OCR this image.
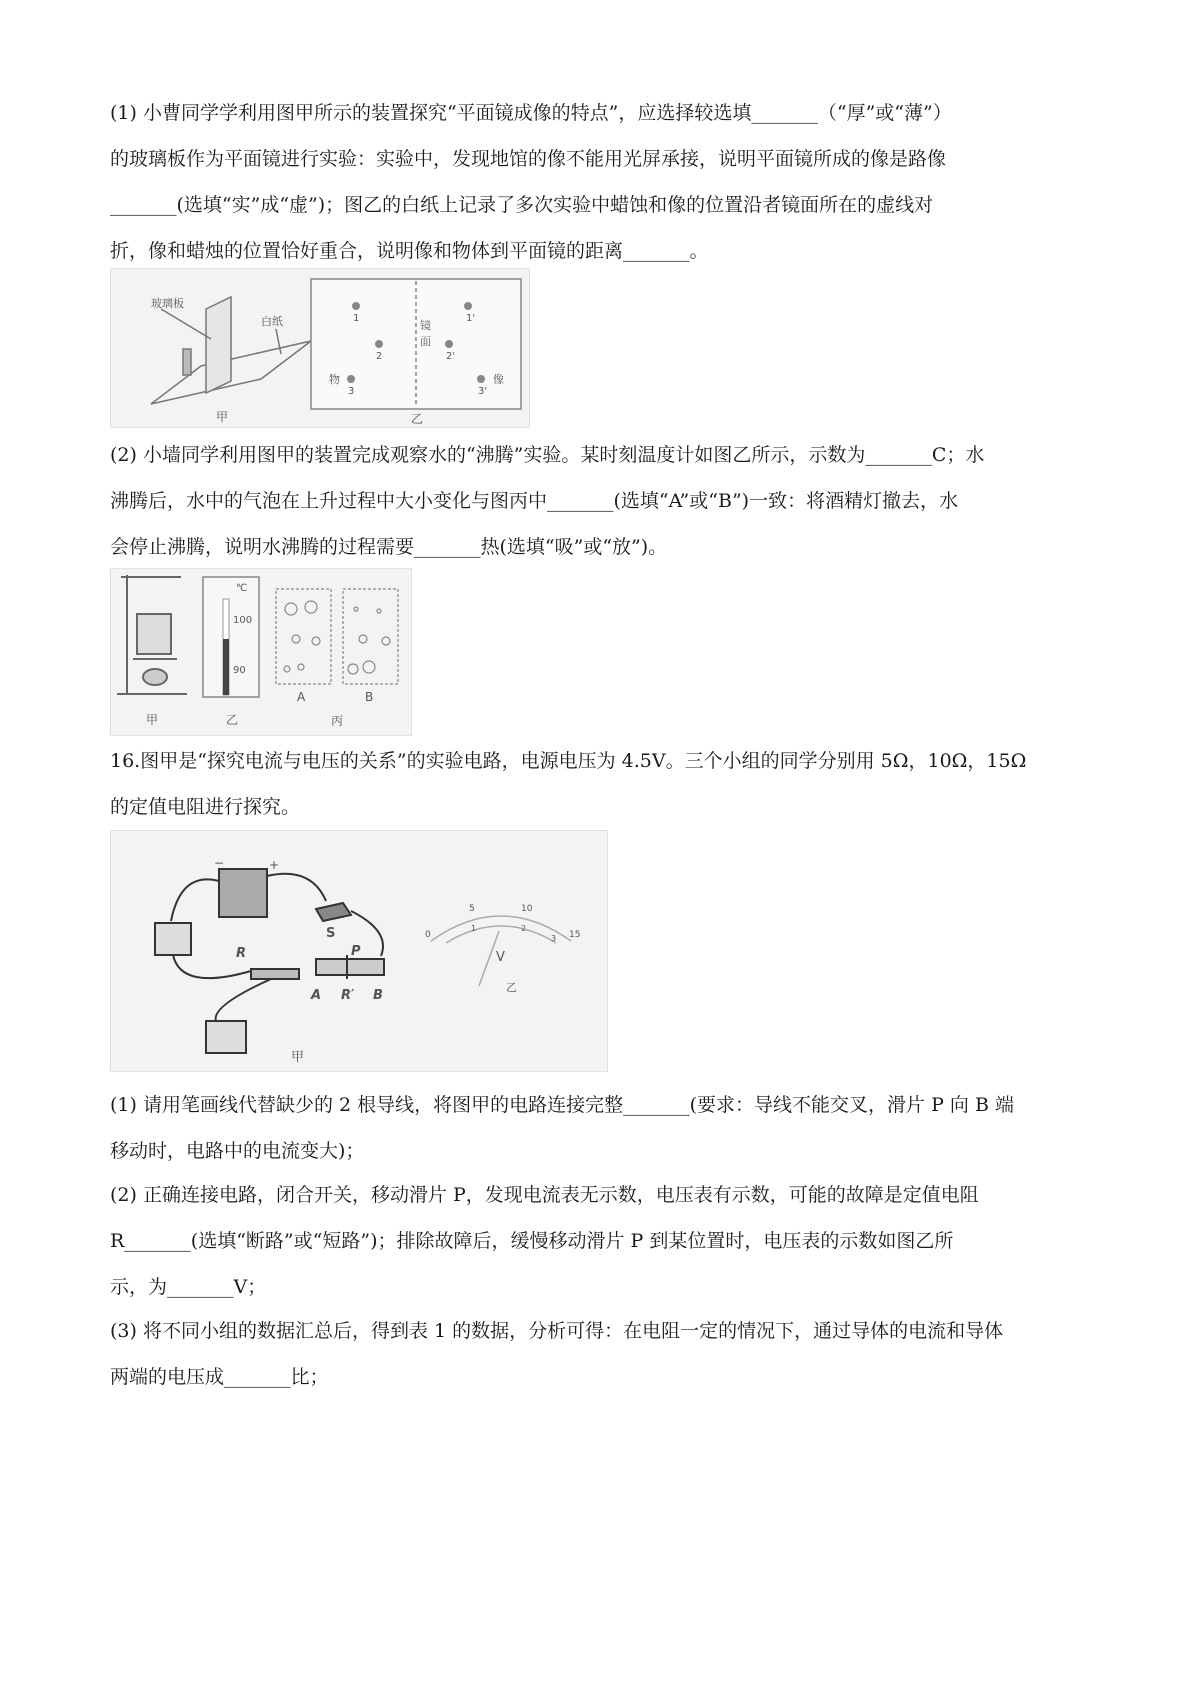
(1) 小曹同学学利用图甲所示的装置探究“平面镜成像的特点”，应选择较选填_______（“厚”或“薄”）
的玻璃板作为平面镜进行实验：实验中，发现地馆的像不能用光屏承接，说明平面镜所成的像是路像
_______(选填“实”成“虚”)；图乙的白纸上记录了多次实验中蜡蚀和像的位置沿者镜面所在的虚线对
折，像和蜡烛的位置恰好重合，说明像和物体到平面镜的距离_______。
玻璃板
白纸
甲
1
2
3
1'
2'
3'
镜
面
物	像
乙
(2) 小墙同学利用图甲的装置完成观察水的“沸腾”实验。某时刻温度计如图乙所示，示数为_______C；水
沸腾后，水中的气泡在上升过程中大小变化与图丙中_______(选填“A”或“B”)一致：将酒精灯撤去，水
会停止沸腾，说明水沸腾的过程需要_______热(选填“吸”或“放”)。
甲
℃
100
90
乙
A	B
丙
16.图甲是“探究电流与电压的关系”的实验电路，电源电压为 4.5V。三个小组的同学分别用 5Ω，10Ω，15Ω
的定值电阻进行探究。
−	+
S
R	P
R′
A	B
甲
0
5	10
15
1	2
3
V
乙
(1) 请用笔画线代替缺少的 2 根导线，将图甲的电路连接完整_______(要求：导线不能交叉，滑片 P 向 B 端
移动时，电路中的电流变大)；
(2) 正确连接电路，闭合开关，移动滑片 P，发现电流表无示数，电压表有示数，可能的故障是定值电阻
R_______(选填“断路”或“短路”)；排除故障后，缓慢移动滑片 P 到某位置时，电压表的示数如图乙所
示，为_______V；
(3) 将不同小组的数据汇总后，得到表 1 的数据，分析可得：在电阻一定的情况下，通过导体的电流和导体
两端的电压成_______比；
